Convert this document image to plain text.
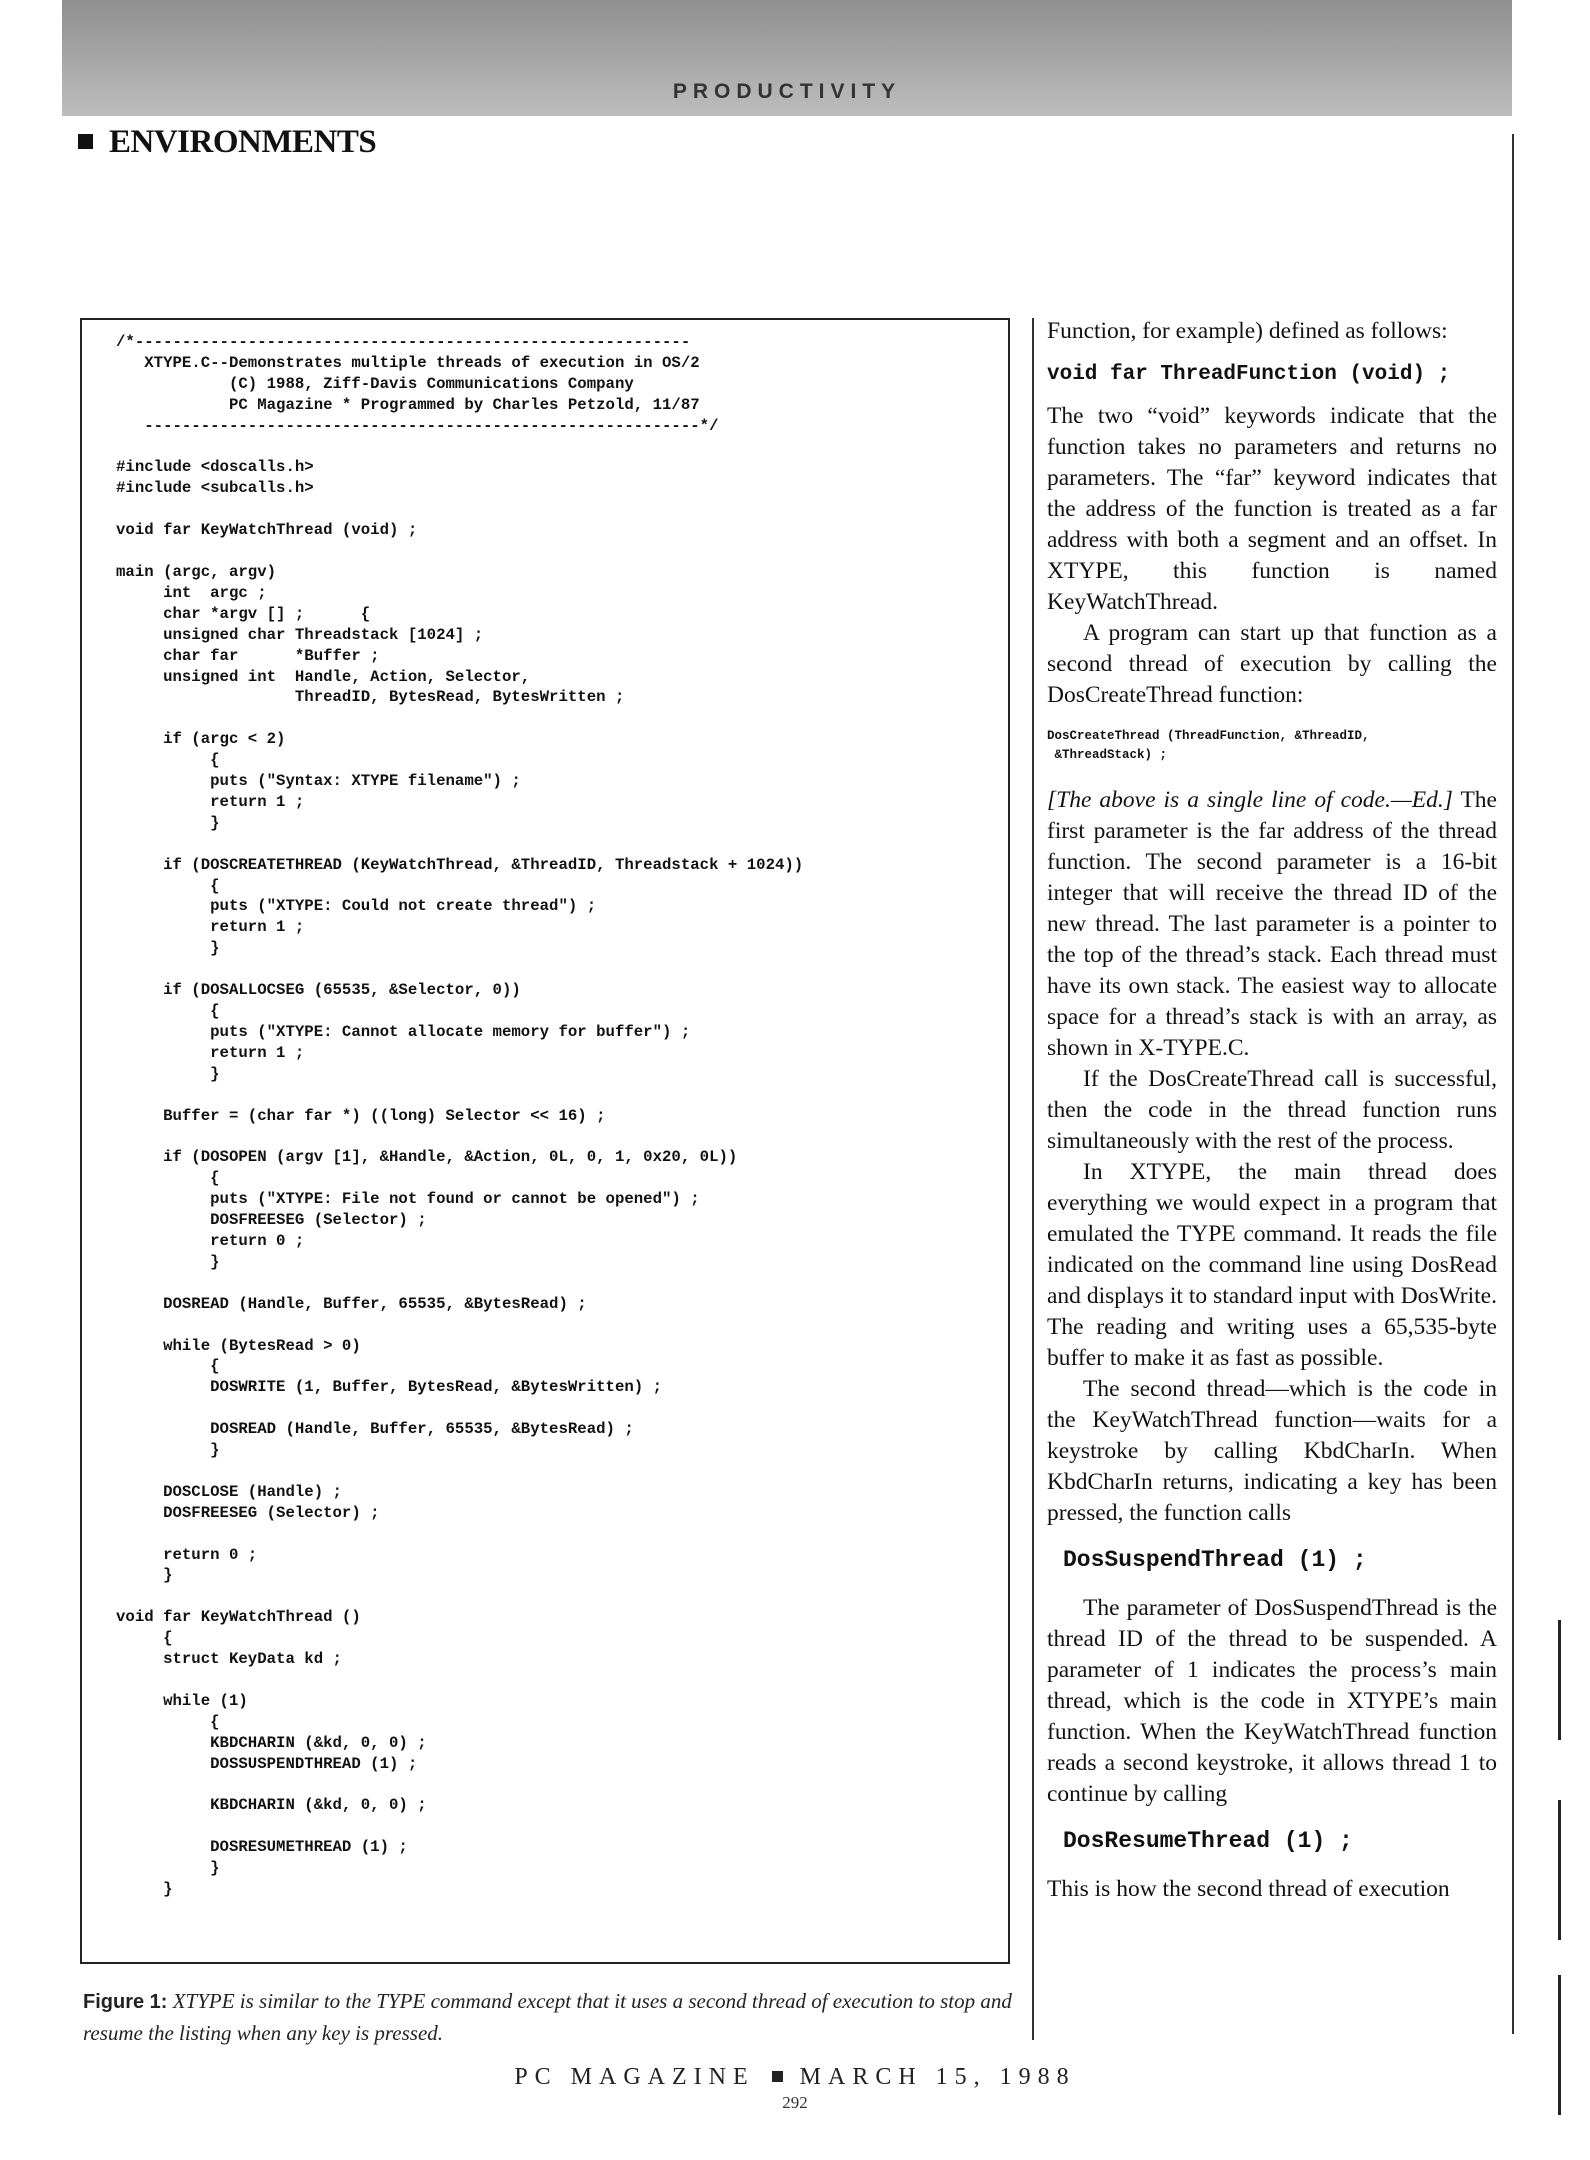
PRODUCTIVITY
ENVIRONMENTS
/*-----------------------------------------------------------
XTYPE.C--Demonstrates multiple threads of execution in OS/2
(C) 1988, Ziff-Davis Communications Company
PC Magazine * Programmed by Charles Petzold, 11/87
-----------------------------------------------------------*/

#include <doscalls.h>
#include <subcalls.h>

void far KeyWatchThread (void) ;

main (argc, argv)
int  argc ;
char *argv [] ;      {
unsigned char Threadstack [1024] ;
char far      *Buffer ;
unsigned int  Handle, Action, Selector,
ThreadID, BytesRead, BytesWritten ;

if (argc < 2)
{
puts ("Syntax: XTYPE filename") ;
return 1 ;
}

if (DOSCREATETHREAD (KeyWatchThread, &ThreadID, Threadstack + 1024))
{
puts ("XTYPE: Could not create thread") ;
return 1 ;
}

if (DOSALLOCSEG (65535, &Selector, 0))
{
puts ("XTYPE: Cannot allocate memory for buffer") ;
return 1 ;
}

Buffer = (char far *) ((long) Selector << 16) ;

if (DOSOPEN (argv [1], &Handle, &Action, 0L, 0, 1, 0x20, 0L))
{
puts ("XTYPE: File not found or cannot be opened") ;
DOSFREESEG (Selector) ;
return 0 ;
}

DOSREAD (Handle, Buffer, 65535, &BytesRead) ;

while (BytesRead > 0)
{
DOSWRITE (1, Buffer, BytesRead, &BytesWritten) ;

DOSREAD (Handle, Buffer, 65535, &BytesRead) ;
}

DOSCLOSE (Handle) ;
DOSFREESEG (Selector) ;

return 0 ;
}

void far KeyWatchThread ()
{
struct KeyData kd ;

while (1)
{
KBDCHARIN (&kd, 0, 0) ;
DOSSUSPENDTHREAD (1) ;

KBDCHARIN (&kd, 0, 0) ;

DOSRESUMETHREAD (1) ;
}
}
Figure 1: XTYPE is similar to the TYPE command except that it uses a second thread of execution to stop and resume the listing when any key is pressed.

Function, for example) defined as follows:

void far ThreadFunction (void) ;

The two “void” keywords indicate that the function takes no parameters and returns no parameters. The “far” keyword indicates that the address of the function is treated as a far address with both a segment and an offset. In XTYPE, this function is named KeyWatchThread.

A program can start up that function as a second thread of execution by calling the DosCreateThread function:

DosCreateThread (ThreadFunction, &ThreadID,
&ThreadStack) ;

[The above is a single line of code.—Ed.] The first parameter is the far address of the thread function. The second parameter is a 16-bit integer that will receive the thread ID of the new thread. The last parameter is a pointer to the top of the thread’s stack. Each thread must have its own stack. The easiest way to allocate space for a thread’s stack is with an array, as shown in X-TYPE.C.

If the DosCreateThread call is successful, then the code in the thread function runs simultaneously with the rest of the process.

In XTYPE, the main thread does everything we would expect in a program that emulated the TYPE command. It reads the file indicated on the command line using DosRead and displays it to standard input with DosWrite. The reading and writing uses a 65,535-byte buffer to make it as fast as possible.

The second thread—which is the code in the KeyWatchThread function—waits for a keystroke by calling KbdCharIn. When KbdCharIn returns, indicating a key has been pressed, the function calls

DosSuspendThread (1) ;

The parameter of DosSuspendThread is the thread ID of the thread to be suspended. A parameter of 1 indicates the process’s main thread, which is the code in XTYPE’s main function. When the KeyWatchThread function reads a second keystroke, it allows thread 1 to continue by calling

DosResumeThread (1) ;

This is how the second thread of execution

PC MAGAZINE MARCH 15, 1988
292
